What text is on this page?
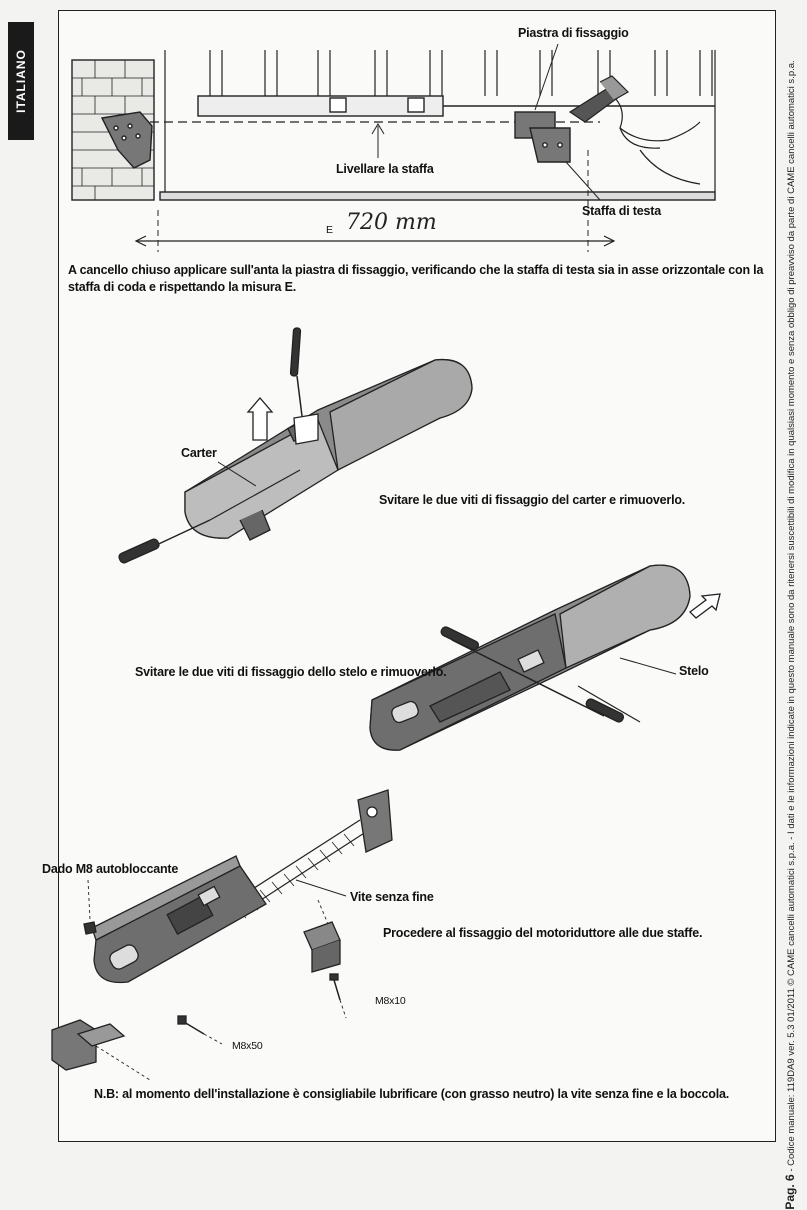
ITALIANO
Piastra di fissaggio
Livellare la staffa
Staffa di testa
E 720 mm
A cancello chiuso applicare sull'anta la piastra di fissaggio, verificando che la staffa di testa sia in asse orizzontale con la staffa di coda e rispettando la misura E.
Carter
Svitare le due viti di fissaggio del carter e rimuoverlo.
Svitare le due viti di fissaggio dello stelo e rimuoverlo.	Stelo
Dado M8 autobloccante
Vite senza fine
Procedere al fissaggio del motoriduttore alle due staffe.
M8x10
M8x50
N.B: al momento dell'installazione è consigliabile lubrificare (con grasso neutro) la vite senza fine e la boccola.
Pag. 6 - Codice manuale: 119DA9 ver. 5.3 01/2011 © CAME cancelli automatici s.p.a. - I dati e le informazioni indicate in questo manuale sono da ritenersi suscettibili di modifica in qualsiasi momento e senza obbligo di preavviso da parte di CAME cancelli automatici s.p.a.
